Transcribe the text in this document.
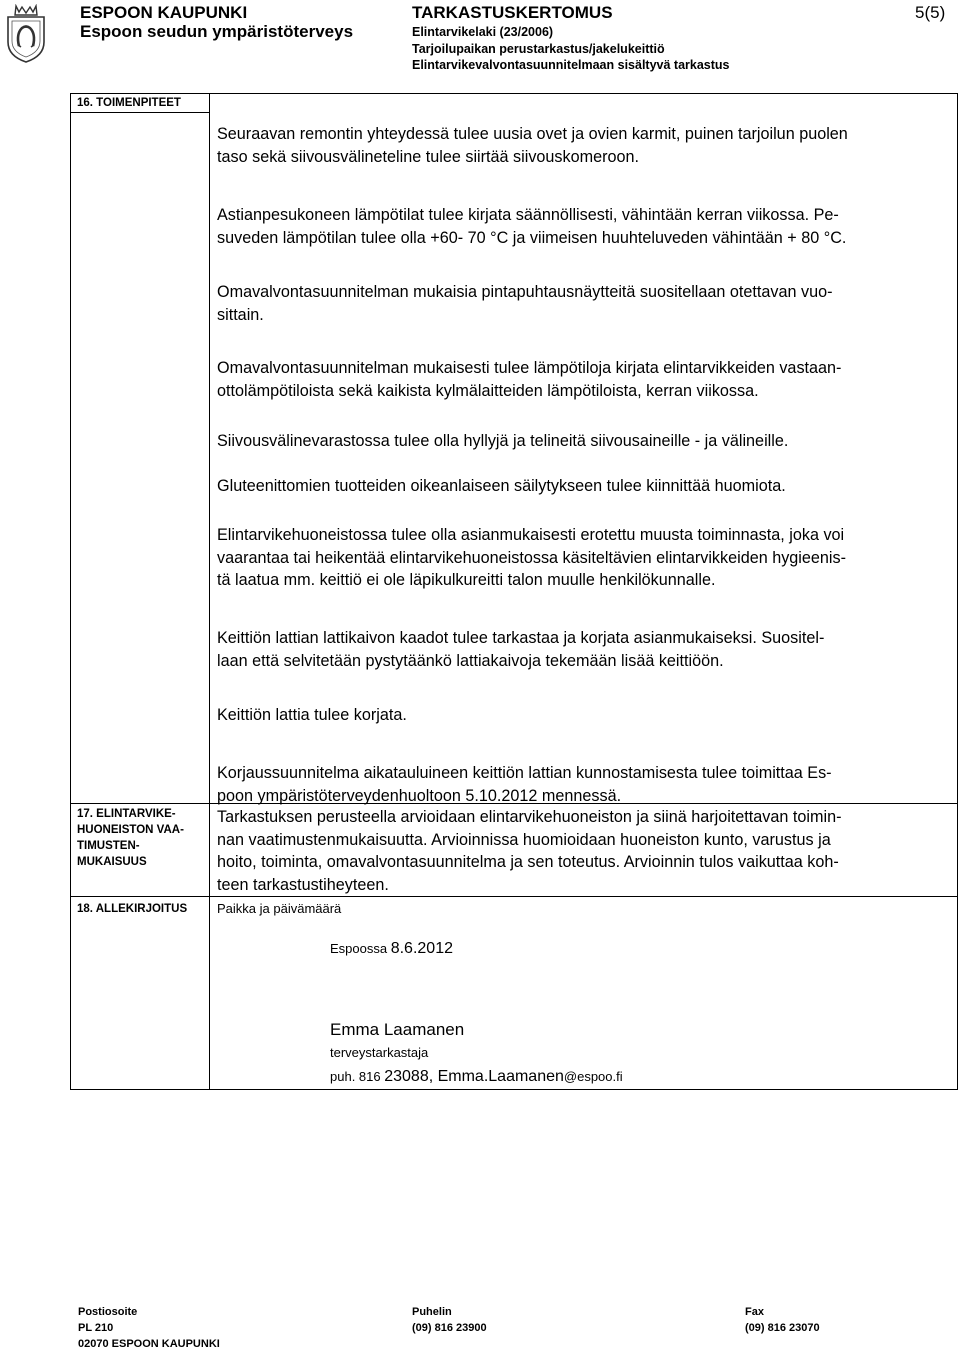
ESPOON KAUPUNKI
Espoon seudun ympäristöterveys
TARKASTUSKERTOMUS
Elintarvikelaki (23/2006)
Tarjoilupaikan perustarkastus/jakelukeittiö
Elintarvikevalvontasuunnitelmaan sisältyvä tarkastus
5(5)
16. TOIMENPITEET
Seuraavan remontin yhteydessä tulee uusia ovet ja ovien karmit, puinen tarjoilun puolen
taso sekä siivousvälineteline tulee siirtää siivouskomeroon.
Astianpesukoneen lämpötilat tulee kirjata säännöllisesti, vähintään kerran viikossa. Pe-
suveden lämpötilan tulee olla +60- 70 °C ja viimeisen huuhteluveden vähintään + 80 °C.
Omavalvontasuunnitelman mukaisia pintapuhtausnäytteitä suositellaan otettavan vuo-
sittain.
Omavalvontasuunnitelman mukaisesti tulee lämpötiloja kirjata elintarvikkeiden vastaan-
ottolämpötiloista sekä kaikista kylmälaitteiden lämpötiloista, kerran viikossa.
Siivousvälinevarastossa tulee olla hyllyjä ja telineitä siivousaineille - ja välineille.
Gluteenittomien tuotteiden oikeanlaiseen säilytykseen tulee kiinnittää huomiota.
Elintarvikehuoneistossa tulee olla asianmukaisesti erotettu muusta toiminnasta, joka voi
vaarantaa tai heikentää elintarvikehuoneistossa käsiteltävien elintarvikkeiden hygieenis-
tä laatua mm. keittiö ei ole läpikulkureitti talon muulle henkilökunnalle.
Keittiön lattian lattikaivon kaadot tulee tarkastaa ja korjata asianmukaiseksi. Suositel-
laan että selvitetään pystytäänkö lattiakaivoja tekemään lisää keittiöön.
Keittiön lattia tulee korjata.
Korjaussuunnitelma aikatauluineen keittiön lattian kunnostamisesta tulee toimittaa Es-
poon ympäristöterveydenhuoltoon 5.10.2012 mennessä.
17. ELINTARVIKE-
HUONEISTON VAA-
TIMUSTEN-
MUKAISUUS
Tarkastuksen perusteella arvioidaan elintarvikehuoneiston ja siinä harjoitettavan toimin-
nan vaatimustenmukaisuutta. Arvioinnissa huomioidaan huoneiston kunto, varustus ja
hoito, toiminta, omavalvontasuunnitelma ja sen toteutus. Arvioinnin tulos vaikuttaa koh-
teen tarkastustiheyteen.
18. ALLEKIRJOITUS Paikka ja päivämäärä
Espoossa 8.6.2012
Emma Laamanen
terveystarkastaja
puh. 816 23088, Emma.Laamanen@espoo.fi
Postiosoite
PL 210
02070 ESPOON KAUPUNKI
Puhelin
(09) 816 23900
Fax
(09) 816 23070
